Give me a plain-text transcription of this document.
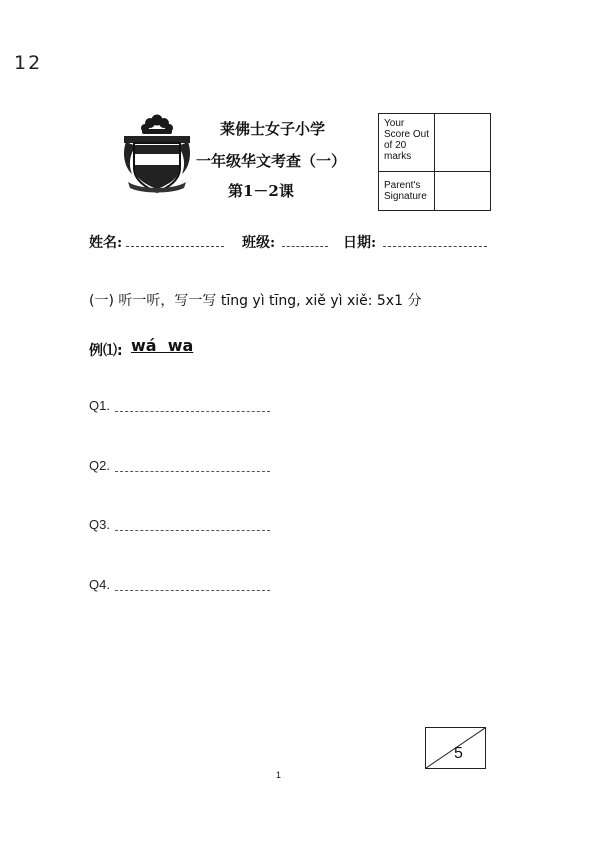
12
莱佛士女子小学
一年级华文考查（一）
第1－2课
Your Score Out of 20 marks
Parent's Signature
姓名:	班级:	日期:
(一) 听一听，写一写 tīng yì tīng, xiě yì xiě: 5x1 分
例⑴: wá  wa
Q1.
Q2.
Q3.
Q4.
5
1
